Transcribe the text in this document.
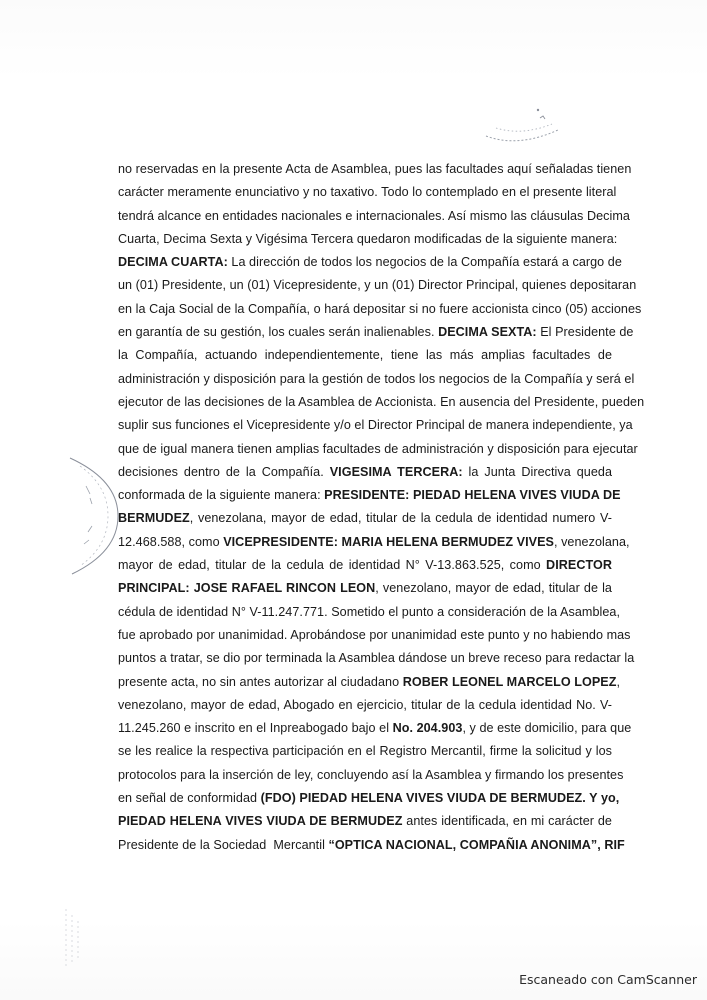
no reservadas en la presente Acta de Asamblea, pues las facultades aquí señaladas tienen
carácter meramente enunciativo y no taxativo. Todo lo contemplado en el presente literal
tendrá alcance en entidades nacionales e internacionales. Así mismo las cláusulas Decima
Cuarta, Decima Sexta y Vigésima Tercera quedaron modificadas de la siguiente manera:
DECIMA CUARTA: La dirección de todos los negocios de la Compañía estará a cargo de
un (01) Presidente, un (01) Vicepresidente, y un (01) Director Principal, quienes depositaran
en la Caja Social de la Compañía, o hará depositar si no fuere accionista cinco (05) acciones
en garantía de su gestión, los cuales serán inalienables. DECIMA SEXTA: El Presidente de
la Compañía, actuando independientemente, tiene las más amplias facultades de
administración y disposición para la gestión de todos los negocios de la Compañía y será el
ejecutor de las decisiones de la Asamblea de Accionista. En ausencia del Presidente, pueden
suplir sus funciones el Vicepresidente y/o el Director Principal de manera independiente, ya
que de igual manera tienen amplias facultades de administración y disposición para ejecutar
decisiones dentro de la Compañía. VIGESIMA TERCERA: la Junta Directiva queda
conformada de la siguiente manera: PRESIDENTE: PIEDAD HELENA VIVES VIUDA DE
BERMUDEZ, venezolana, mayor de edad, titular de la cedula de identidad numero V-
12.468.588, como VICEPRESIDENTE: MARIA HELENA BERMUDEZ VIVES, venezolana,
mayor de edad, titular de la cedula de identidad N° V-13.863.525, como DIRECTOR
PRINCIPAL: JOSE RAFAEL RINCON LEON, venezolano, mayor de edad, titular de la
cédula de identidad N° V-11.247.771. Sometido el punto a consideración de la Asamblea,
fue aprobado por unanimidad. Aprobándose por unanimidad este punto y no habiendo mas
puntos a tratar, se dio por terminada la Asamblea dándose un breve receso para redactar la
presente acta, no sin antes autorizar al ciudadano ROBER LEONEL MARCELO LOPEZ,
venezolano, mayor de edad, Abogado en ejercicio, titular de la cedula identidad No. V-
11.245.260 e inscrito en el Inpreabogado bajo el No. 204.903, y de este domicilio, para que
se les realice la respectiva participación en el Registro Mercantil, firme la solicitud y los
protocolos para la inserción de ley, concluyendo así la Asamblea y firmando los presentes
en señal de conformidad (FDO) PIEDAD HELENA VIVES VIUDA DE BERMUDEZ. Y yo,
PIEDAD HELENA VIVES VIUDA DE BERMUDEZ antes identificada, en mi carácter de
Presidente de la Sociedad  Mercantil “OPTICA NACIONAL, COMPAÑIA ANONIMA”, RIF
Escaneado con CamScanner
